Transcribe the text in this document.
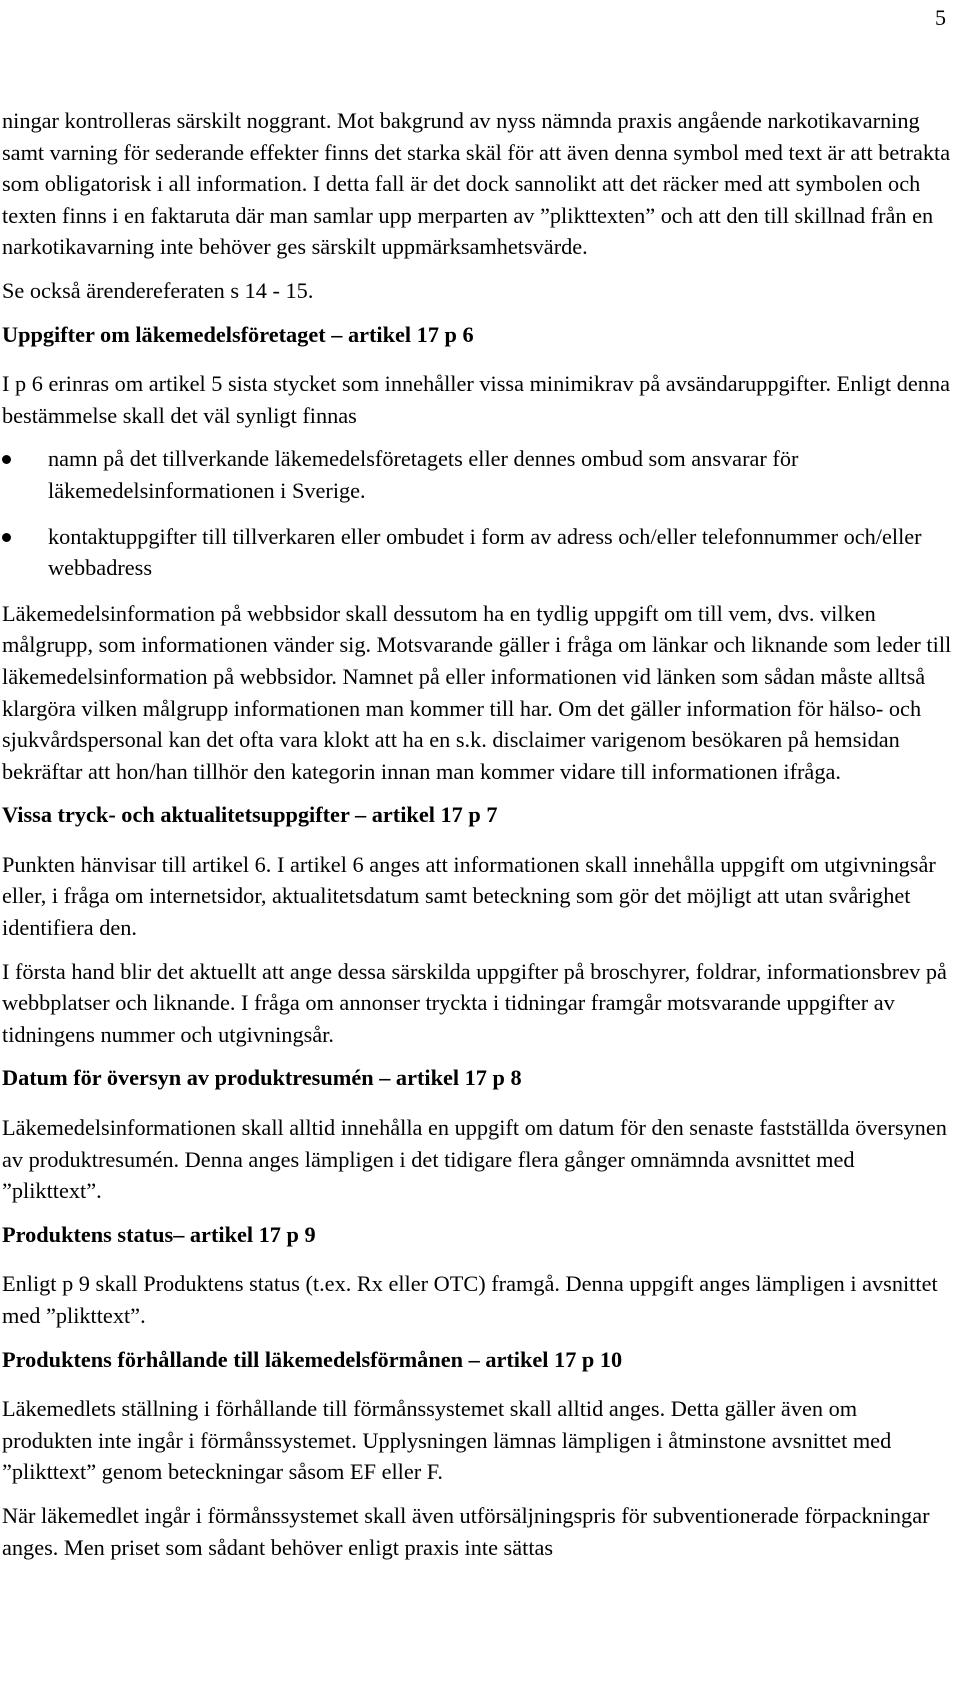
5

ningar kontrolleras särskilt noggrant. Mot bakgrund av nyss nämnda praxis angående narkotikavarning samt varning för sederande effekter finns det starka skäl för att även denna symbol med text är att betrakta som obligatorisk i all information. I detta fall är det dock sannolikt att det räcker med att symbolen och texten finns i en faktaruta där man samlar upp merparten av ”plikttexten” och att den till skillnad från en narkotikavarning inte behöver ges särskilt uppmärksamhetsvärde.

Se också ärendereferaten s 14 - 15.

Uppgifter om läkemedelsföretaget – artikel 17 p 6

I p 6 erinras om artikel 5 sista stycket som innehåller vissa minimikrav på avsändaruppgifter. Enligt denna bestämmelse skall det väl synligt finnas

namn på det tillverkande läkemedelsföretagets eller dennes ombud som ansvarar för läkemedelsinformationen i Sverige.
kontaktuppgifter till tillverkaren eller ombudet i form av adress och/eller telefonnummer och/eller webbadress

Läkemedelsinformation på webbsidor skall dessutom ha en tydlig uppgift om till vem, dvs. vilken målgrupp, som informationen vänder sig. Motsvarande gäller i fråga om länkar och liknande som leder till läkemedelsinformation på webbsidor. Namnet på eller informationen vid länken som sådan måste alltså klargöra vilken målgrupp informationen man kommer till har. Om det gäller information för hälso- och sjukvårdspersonal kan det ofta vara klokt att ha en s.k. disclaimer varigenom besökaren på hemsidan bekräftar att hon/han tillhör den kategorin innan man kommer vidare till informationen ifråga.

Vissa tryck- och aktualitetsuppgifter – artikel 17 p 7

Punkten hänvisar till artikel 6. I artikel 6 anges att informationen skall innehålla uppgift om utgivningsår eller, i fråga om internetsidor, aktualitetsdatum samt beteckning som gör det möjligt att utan svårighet identifiera den.

I första hand blir det aktuellt att ange dessa särskilda uppgifter på broschyrer, foldrar, informationsbrev på webbplatser och liknande. I fråga om annonser tryckta i tidningar framgår motsvarande uppgifter av tidningens nummer och utgivningsår.

Datum för översyn av produktresumén – artikel 17 p 8

Läkemedelsinformationen skall alltid innehålla en uppgift om datum för den senaste fastställda översynen av produktresumén. Denna anges lämpligen i det tidigare flera gånger omnämnda avsnittet med ”plikttext”.

Produktens status– artikel 17 p 9

Enligt p 9 skall Produktens status (t.ex. Rx eller OTC) framgå. Denna uppgift anges lämpligen i avsnittet med ”plikttext”.

Produktens förhållande till läkemedelsförmånen – artikel 17 p 10

Läkemedlets ställning i förhållande till förmånssystemet skall alltid anges. Detta gäller även om produkten inte ingår i förmånssystemet. Upplysningen lämnas lämpligen i åtminstone avsnittet med ”plikttext” genom beteckningar såsom EF eller F.

När läkemedlet ingår i förmånssystemet skall även utförsäljningspris för subventionerade förpackningar anges. Men priset som sådant behöver enligt praxis inte sättas
